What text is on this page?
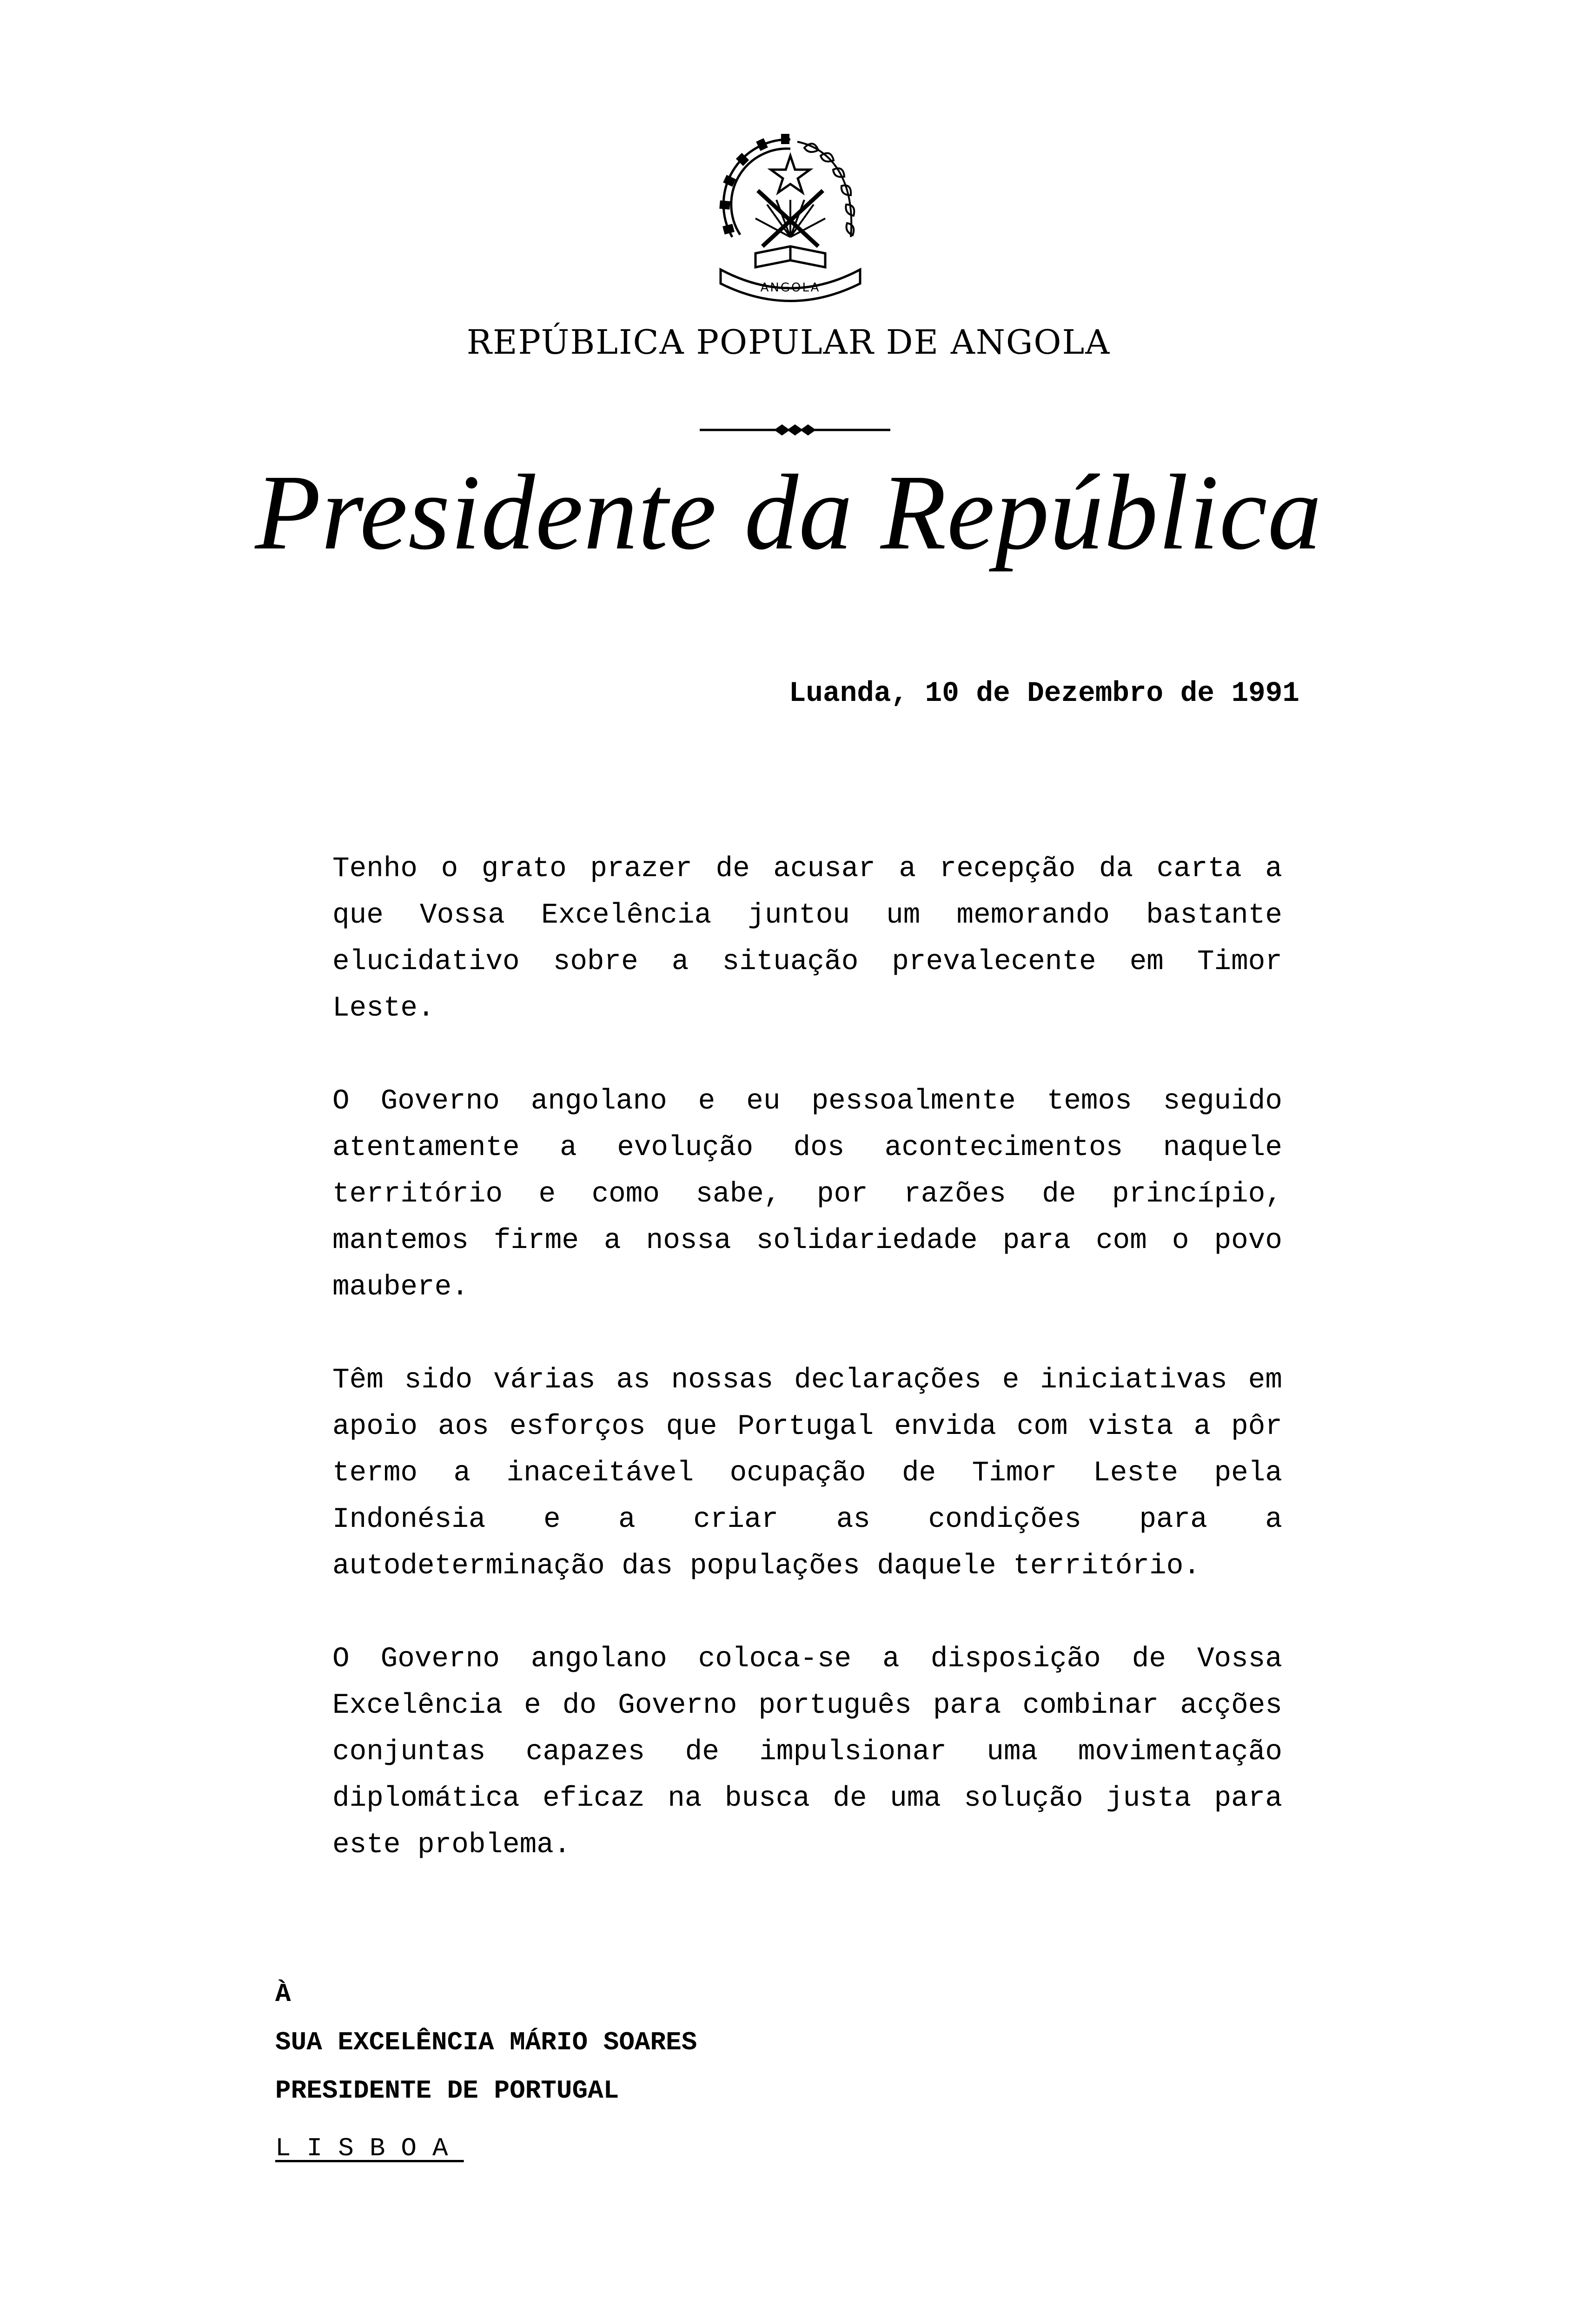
ANGOLA
REPÚBLICA POPULAR DE ANGOLA
Presidente da República
Luanda, 10 de Dezembro de 1991

Tenho o grato prazer de acusar a recepção da carta a que Vossa Excelência juntou um memorando bastante elucidativo sobre a situação prevalecente em Timor Leste.

O Governo angolano e eu pessoalmente temos seguido atentamente a evolução dos acontecimentos naquele território e como sabe, por razões de princípio, mantemos firme a nossa solidariedade para com o povo maubere.

Têm sido várias as nossas declarações e iniciativas em apoio aos esforços que Portugal envida com vista a pôr termo a inaceitável ocupação de Timor Leste pela Indonésia e a criar as condições para a autodeterminação das populações daquele território.

O Governo angolano coloca-se a disposição de Vossa Excelência e do Governo português para combinar acções conjuntas capazes de impulsionar uma movimentação diplomática eficaz na busca de uma solução justa para este problema.

À
SUA EXCELÊNCIA MÁRIO SOARES
PRESIDENTE DE PORTUGAL
LISBOA
